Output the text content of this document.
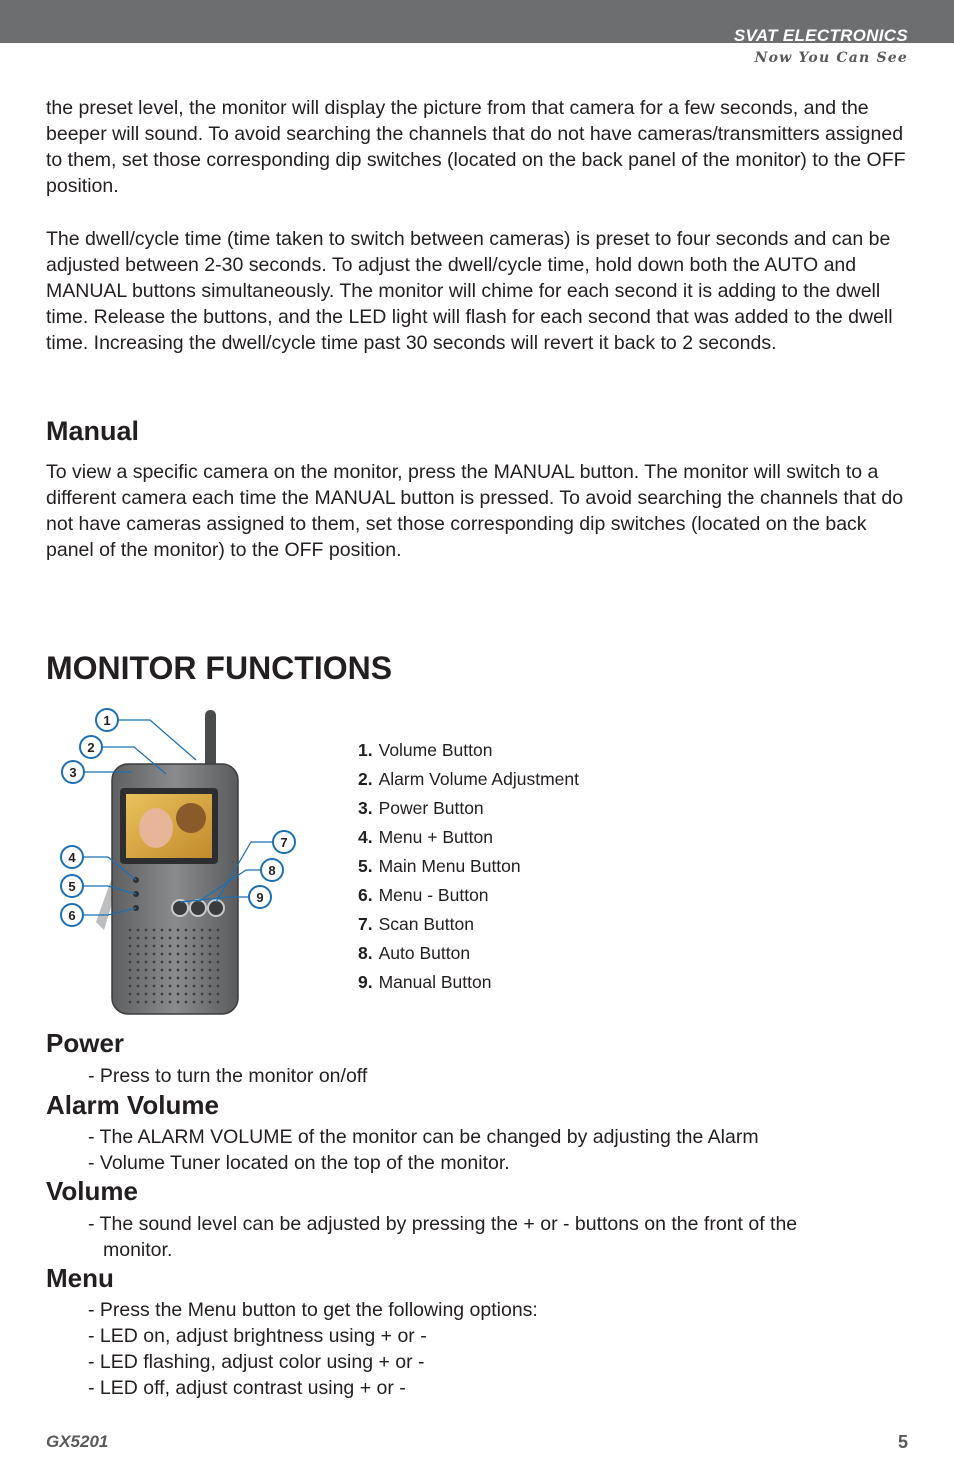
SVAT ELECTRONICS
Now You Can See

the preset level, the monitor will display the picture from that camera for a few seconds, and the beeper will sound. To avoid searching the channels that do not have cameras/transmitters assigned to them, set those corresponding dip switches (located on the back panel of the monitor) to the OFF position.

The dwell/cycle time (time taken to switch between cameras) is preset to four seconds and can be adjusted between 2-30 seconds. To adjust the dwell/cycle time, hold down both the AUTO and MANUAL buttons simultaneously. The monitor will chime for each second it is adding to the dwell time. Release the buttons, and the LED light will flash for each second that was added to the dwell time. Increasing the dwell/cycle time past 30 seconds will revert it back to 2 seconds.

Manual

To view a specific camera on the monitor, press the MANUAL button. The monitor will switch to a different camera each time the MANUAL button is pressed. To avoid searching the channels that do not have cameras assigned to them, set those corresponding dip switches (located on the back panel of the monitor) to the OFF position.

MONITOR FUNCTIONS
1
2
3
4
5
6
7
8
9
1. Volume Button
2. Alarm Volume Adjustment
3. Power Button
4. Menu + Button
5. Main Menu Button
6. Menu - Button
7. Scan Button
8. Auto Button
9. Manual Button
Power

- Press to turn the monitor on/off

Alarm Volume

- The ALARM VOLUME of the monitor can be changed by adjusting the Alarm

- Volume Tuner located on the top of the monitor.

Volume

- The sound level can be adjusted by pressing the + or - buttons on the front of the

monitor.

Menu

- Press the Menu button to get the following options:

- LED on, adjust brightness using + or -

- LED flashing, adjust color using + or -

- LED off, adjust contrast using + or -

GX5201	5
